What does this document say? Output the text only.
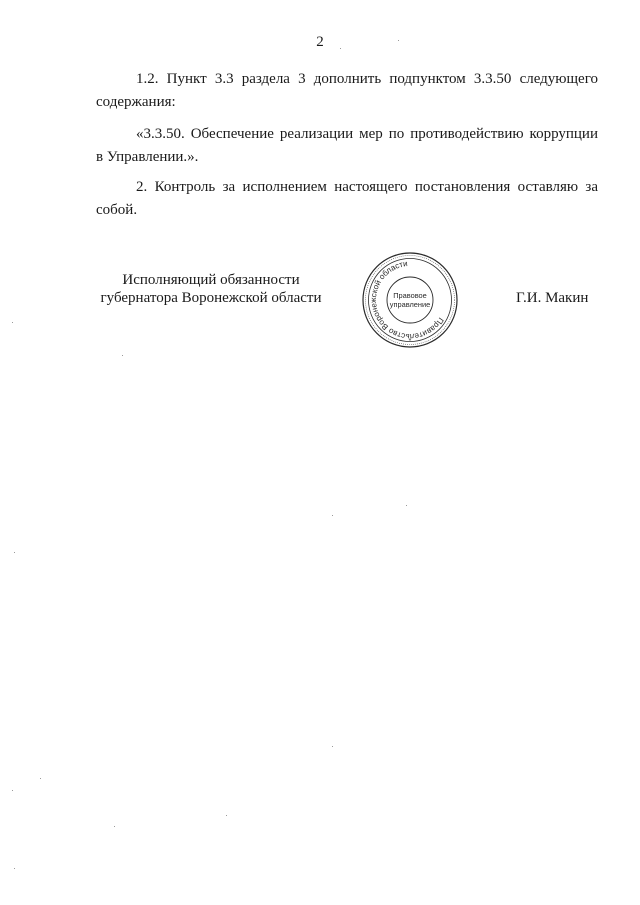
2

1.2. Пункт 3.3 раздела 3 дополнить подпунктом 3.3.50 следующего
содержания:

«3.3.50. Обеспечение реализации мер по противодействию коррупции
в Управлении.».

2. Контроль за исполнением настоящего постановления оставляю за
собой.

Исполняющий обязанности
губернатора Воронежской области
Правительство Воронежской области
Правовое
управление
*
Г.И. Макин
